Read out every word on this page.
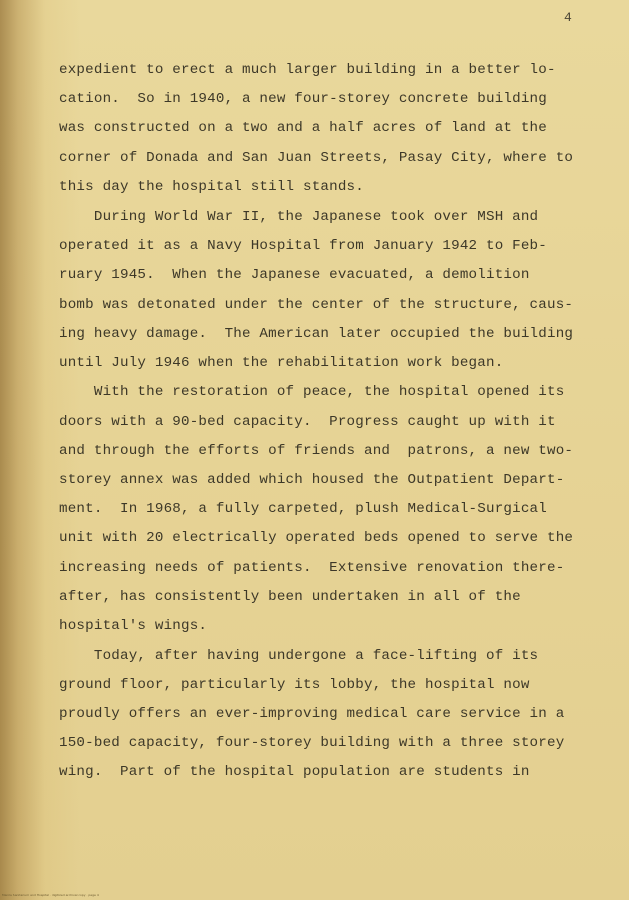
4
expedient to erect a much larger building in a better lo-
cation.  So in 1940, a new four-storey concrete building
was constructed on a two and a half acres of land at the
corner of Donada and San Juan Streets, Pasay City, where to
this day the hospital still stands.
During World War II, the Japanese took over MSH and
operated it as a Navy Hospital from January 1942 to Feb-
ruary 1945.  When the Japanese evacuated, a demolition
bomb was detonated under the center of the structure, caus-
ing heavy damage.  The American later occupied the building
until July 1946 when the rehabilitation work began.
With the restoration of peace, the hospital opened its
doors with a 90-bed capacity.  Progress caught up with it
and through the efforts of friends and  patrons, a new two-
storey annex was added which housed the Outpatient Depart-
ment.  In 1968, a fully carpeted, plush Medical-Surgical
unit with 20 electrically operated beds opened to serve the
increasing needs of patients.  Extensive renovation there-
after, has consistently been undertaken in all of the
hospital's wings.
Today, after having undergone a face-lifting of its
ground floor, particularly its lobby, the hospital now
proudly offers an ever-improving medical care service in a
150-bed capacity, four-storey building with a three storey
wing.  Part of the hospital population are students in
Manila Sanitarium and Hospital · digitized archival copy · page 4
